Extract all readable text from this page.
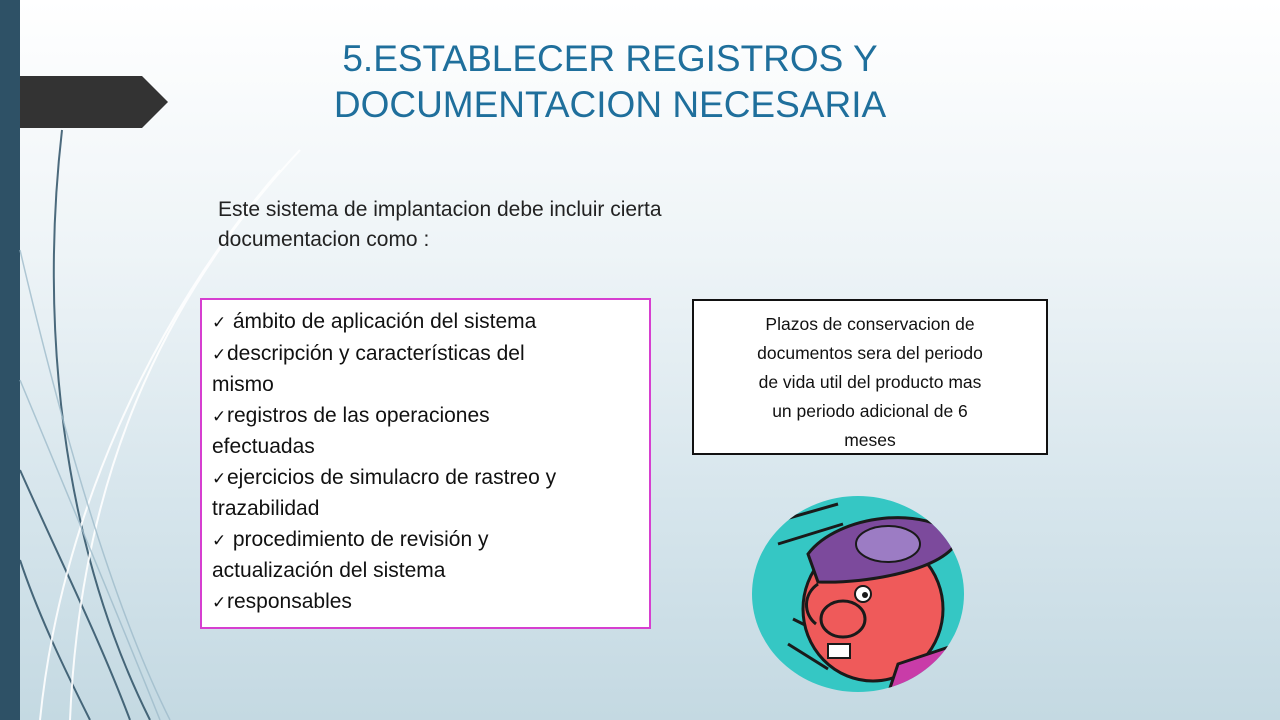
5.ESTABLECER REGISTROS Y
DOCUMENTACION NECESARIA
Este sistema de implantacion debe incluir cierta
documentacion como :
✓ ámbito de aplicación del sistema
✓descripción y características del
mismo
✓registros de las operaciones
efectuadas
✓ejercicios de simulacro de rastreo y
trazabilidad
✓ procedimiento de revisión y
actualización del sistema
✓responsables
Plazos de conservacion de
documentos sera del periodo
de vida util del producto mas
un periodo adicional de 6
meses
